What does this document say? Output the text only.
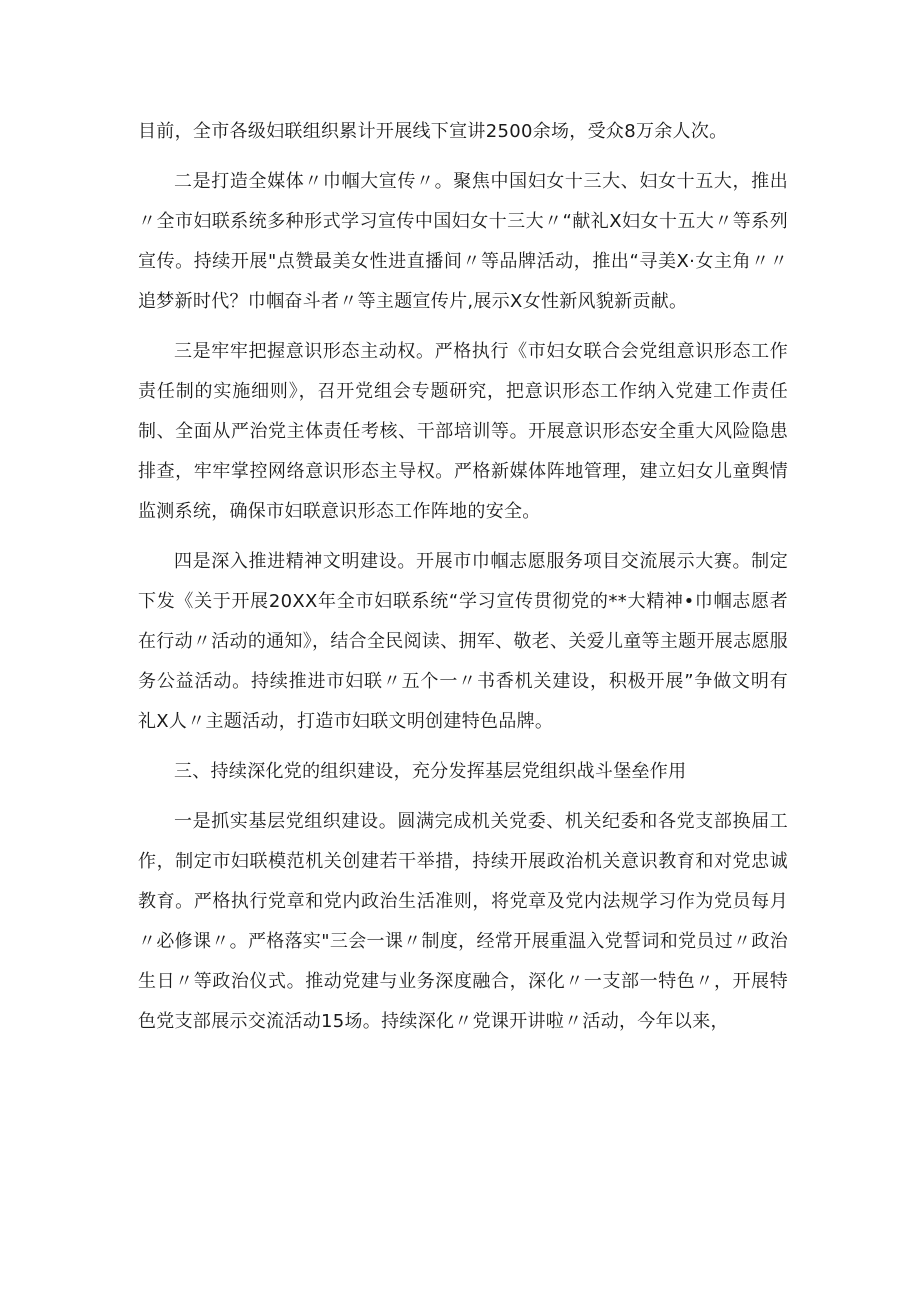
目前，全市各级妇联组织累计开展线下宣讲2500余场，受众8万余人次。

二是打造全媒体〃巾帼大宣传〃。聚焦中国妇女十三大、妇女十五大，推出〃全市妇联系统多种形式学习宣传中国妇女十三大〃“献礼X妇女十五大〃等系列宣传。持续开展"点赞最美女性进直播间〃等品牌活动，推出“寻美X·女主角〃〃追梦新时代？巾帼奋斗者〃等主题宣传片,展示X女性新风貌新贡献。

三是牢牢把握意识形态主动权。严格执行《市妇女联合会党组意识形态工作责任制的实施细则》，召开党组会专题研究，把意识形态工作纳入党建工作责任制、全面从严治党主体责任考核、干部培训等。开展意识形态安全重大风险隐患排查，牢牢掌控网络意识形态主导权。严格新媒体阵地管理，建立妇女儿童舆情监测系统，确保市妇联意识形态工作阵地的安全。

四是深入推进精神文明建设。开展市巾帼志愿服务项目交流展示大赛。制定下发《关于开展20XX年全市妇联系统“学习宣传贯彻党的**大精神•巾帼志愿者在行动〃活动的通知》，结合全民阅读、拥军、敬老、关爱儿童等主题开展志愿服务公益活动。持续推进市妇联〃五个一〃书香机关建设，积极开展”争做文明有礼X人〃主题活动，打造市妇联文明创建特色品牌。

三、持续深化党的组织建设，充分发挥基层党组织战斗堡垒作用

一是抓实基层党组织建设。圆满完成机关党委、机关纪委和各党支部换届工作，制定市妇联模范机关创建若干举措，持续开展政治机关意识教育和对党忠诚教育。严格执行党章和党内政治生活准则，将党章及党内法规学习作为党员每月〃必修课〃。严格落实"三会一课〃制度，经常开展重温入党誓词和党员过〃政治生日〃等政治仪式。推动党建与业务深度融合，深化〃一支部一特色〃，开展特色党支部展示交流活动15场。持续深化〃党课开讲啦〃活动，今年以来，
